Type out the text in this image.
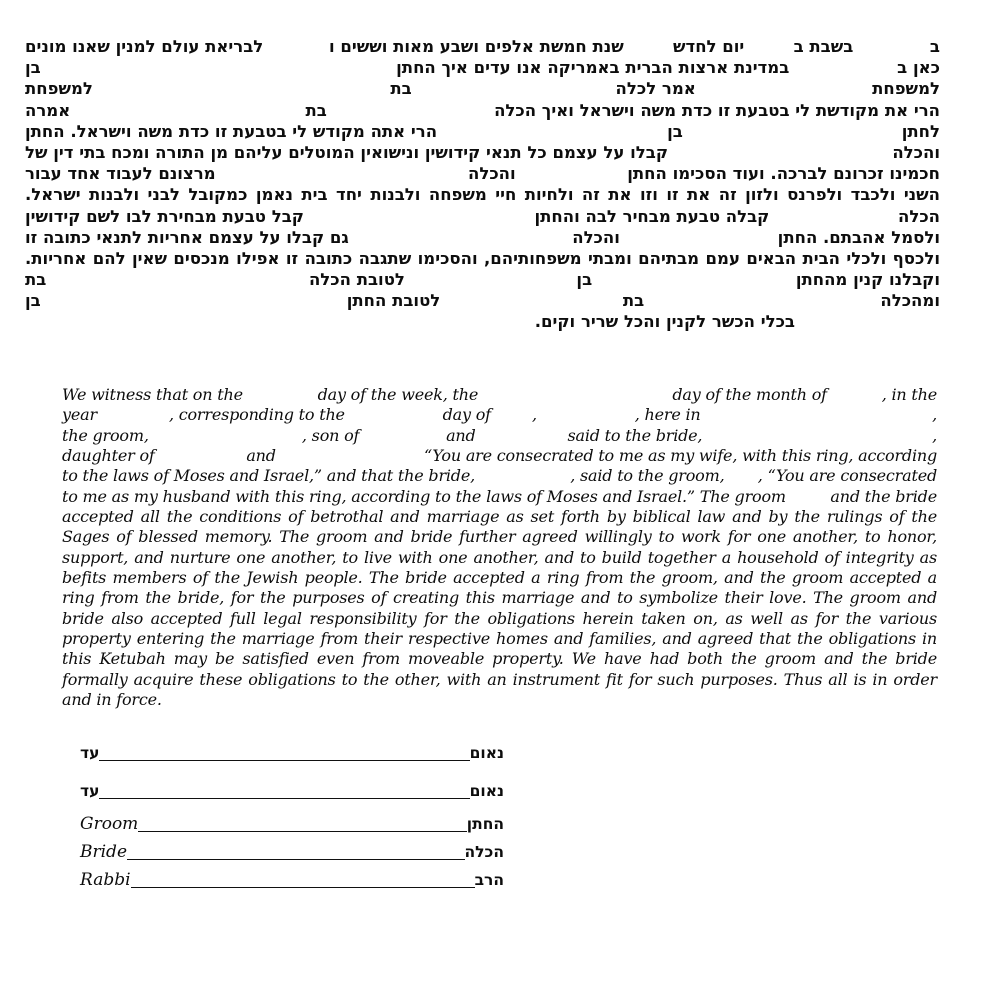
ב
בשבת ב
יום לחדש
שנת חמשת אלפים ושבע מאות וששים ו
לבריאת עולם למנין שאנו מונים
כאן ב
במדינת ארצות הברית באמריקה אנו עדים איך החתן
בן
למשפחת
אמר לכלה
בת
למשפחת
הרי את מקודשת לי בטבעת זו כדת משה וישראל ואיך הכלה
בת
אמרה
לחתן
בן
הרי אתה מקודש לי בטבעת זו כדת משה וישראל. החתן
והכלה
קבלו על עצמם כל תנאי קידושין ונישואין המוטלים עליהם מן התורה ומכח בתי דין של
חכמינו זכרונם לברכה. ועוד הסכימו החתן
והכלה
מרצונם לעבוד אחד עבור
השני ולכבד ולפרנס ולזון זה את זו וזו את זה ולחיות חיי משפחה ולבנות יחד בית נאמן כמקובל לבני ולבנות ישראל.
הכלה
קבלה טבעת מבחיר לבה והחתן
קבל טבעת מבחירת לבו לשם קידושין
ולסמל אהבתם. החתן
והכלה
גם קבלו על עצמם אחריות לתנאי כתובה זו
ולכסף ולכלי הבית הבאים עמם מבתיהם ומבתי משפחותיהם, והסכימו שתגבה כתובה זו אפילו מנכסים שאין להם אחריות.
וקבלנו קנין מהחתן
בן
לטובת הכלה
בת
ומהכלה
בת
לטובת החתן
בן
בכלי הכשר לקנין והכל שריר וקים.
We witness that on the	day of the week, the	day of the month of	, in the
year	, corresponding to the	day of	,	, here in	,
the groom,	, son of	and	said to the bride,	,
daughter of	and	“You are consecrated to me as my wife, with this ring, according
to the laws of Moses and Israel,” and that the bride,	, said to the groom, , “You are consecrated
to me as my husband with this ring, according to the laws of Moses and Israel.” The groom	and the bride
accepted all the conditions of betrothal and marriage as set forth by biblical law and by the rulings of the
Sages of blessed memory. The groom and bride further agreed willingly to work for one another, to honor,
support, and nurture one another, to live with one another, and to build together a household of integrity as
befits members of the Jewish people. The bride accepted a ring from the groom, and the groom accepted a
ring from the bride, for the purposes of creating this marriage and to symbolize their love. The groom and
bride also accepted full legal responsibility for the obligations herein taken on, as well as for the various
property entering the marriage from their respective homes and families, and agreed that the obligations in
this Ketubah may be satisfied even from moveable property. We have had both the groom and the bride
formally acquire these obligations to the other, with an instrument fit for such purposes. Thus all is in order
and in force.
עד	נאום
עד	נאום
Groom	החתן
Bride	הכלה
Rabbi	הרב
